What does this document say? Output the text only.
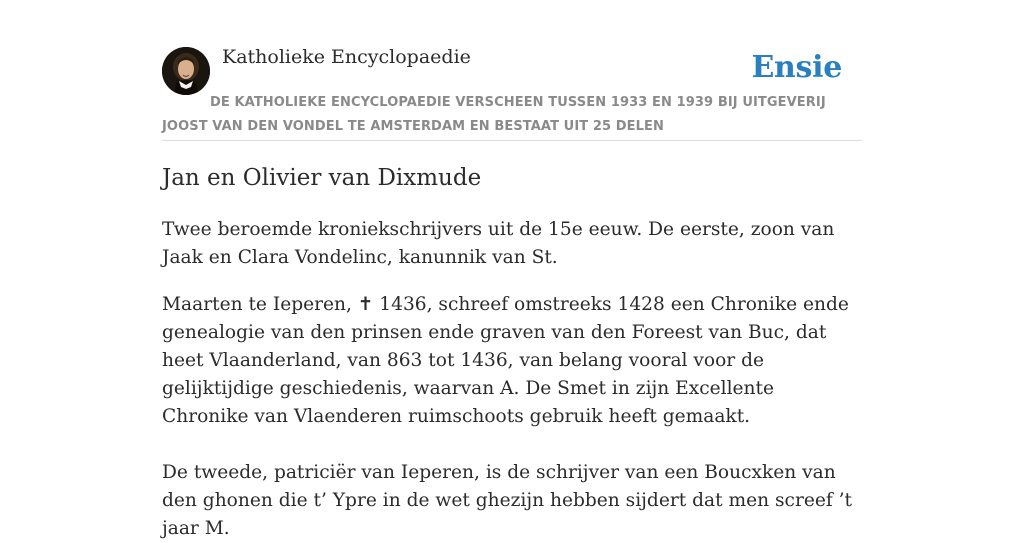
Katholieke Encyclopaedie	Ensie
DE KATHOLIEKE ENCYCLOPAEDIE VERSCHEEN TUSSEN 1933 EN 1939 BIJ UITGEVERIJ JOOST VAN DEN VONDEL TE AMSTERDAM EN BESTAAT UIT 25 DELEN
Jan en Olivier van Dixmude

Twee beroemde kroniekschrijvers uit de 15e eeuw. De eerste, zoon van Jaak en Clara Vondelinc, kanunnik van St.

Maarten te Ieperen, ✝ 1436, schreef omstreeks 1428 een Chronike ende genealogie van den prinsen ende graven van den Foreest van Buc, dat heet Vlaanderland, van 863 tot 1436, van belang vooral voor de gelijktijdige geschiedenis, waarvan A. De Smet in zijn Excellente Chronike van Vlaenderen ruimschoots gebruik heeft gemaakt.

De tweede, patriciër van Ieperen, is de schrijver van een Boucxken van den ghonen die t’ Ypre in de wet ghezijn hebben sijdert dat men screef ’t jaar M.
